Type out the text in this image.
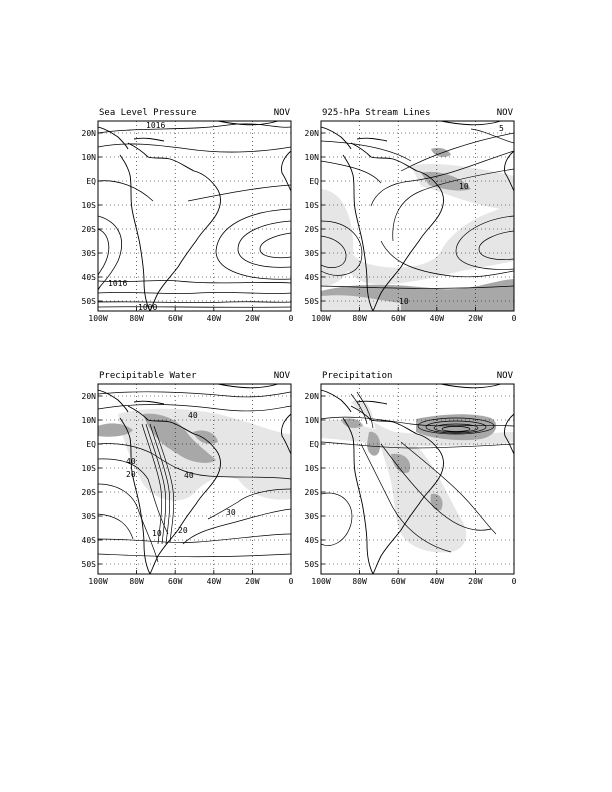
Sea Level Pressure	NOV
1016
1016
1000
100W	80W	60W	40W	20W	0
20N
10N
EQ
10S
20S
30S
40S
50S
925-hPa Stream Lines	NOV
10
10
5
100W	80W	60W	40W	20W	0
20N
10N
EQ
10S
20S
30S
40S
50S
Precipitable Water	NOV
40
40
40
30
20
10 20
100W	80W	60W	40W	20W	0
20N
10N
EQ
10S
20S
30S
40S
50S
Precipitation	NOV
100W	80W	60W	40W	20W	0
20N
10N
EQ
10S
20S
30S
40S
50S
